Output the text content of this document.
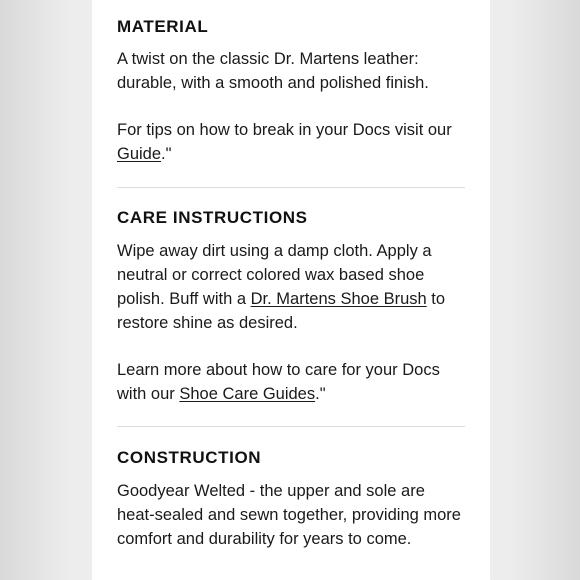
MATERIAL

A twist on the classic Dr. Martens leather: durable, with a smooth and polished finish.

For tips on how to break in your Docs visit our Guide."

CARE INSTRUCTIONS

Wipe away dirt using a damp cloth. Apply a neutral or correct colored wax based shoe polish. Buff with a Dr. Martens Shoe Brush to restore shine as desired.

Learn more about how to care for your Docs with our Shoe Care Guides."

CONSTRUCTION

Goodyear Welted - the upper and sole are heat-sealed and sewn together, providing more comfort and durability for years to come.
